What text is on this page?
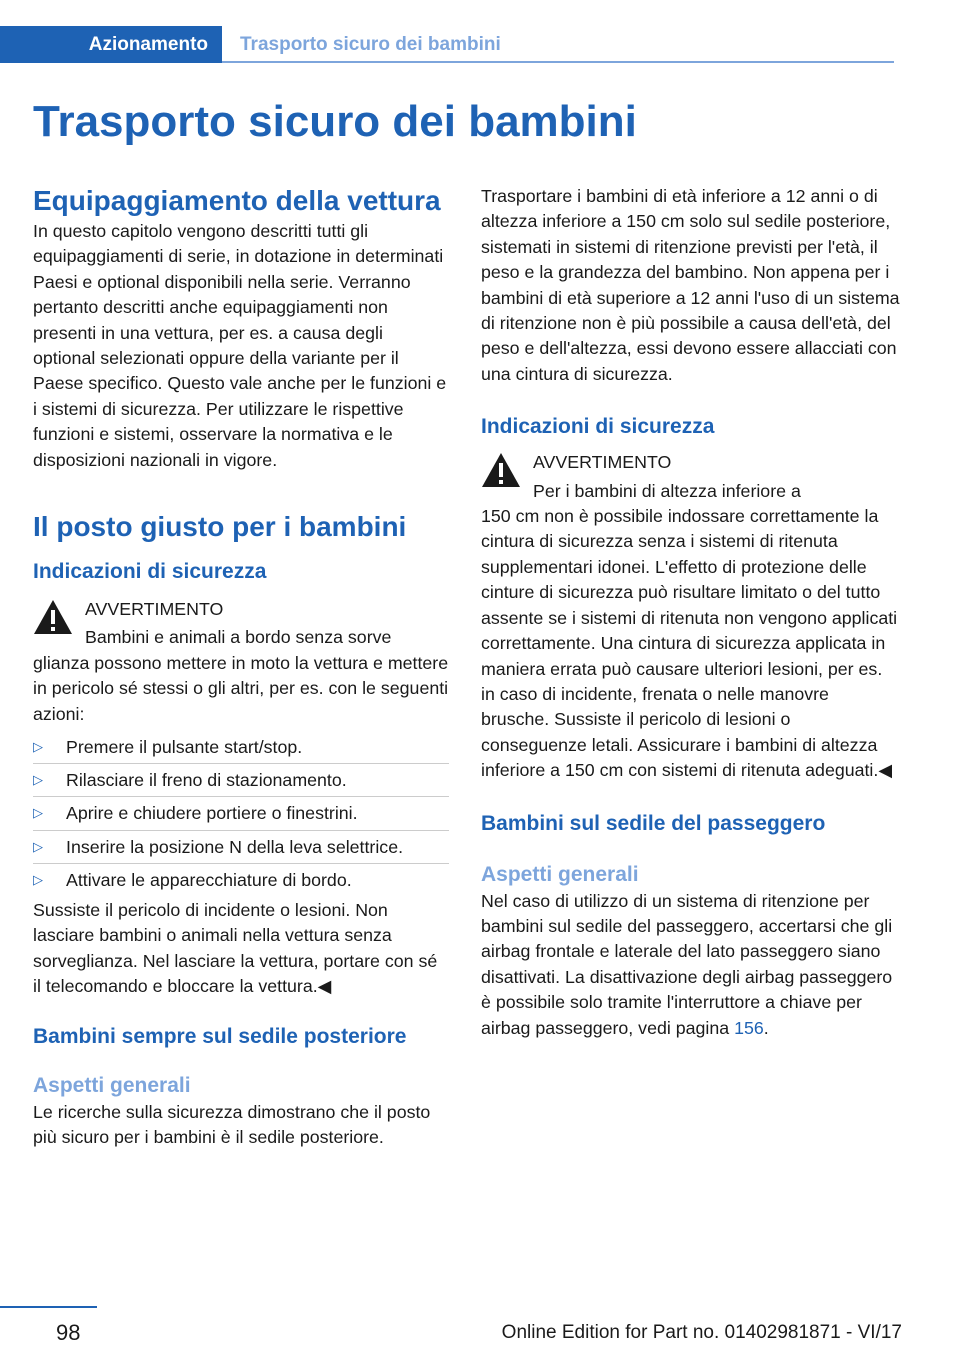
Azionamento	Trasporto sicuro dei bambini
Trasporto sicuro dei bambini
Equipaggiamento della vettura

In questo capitolo vengono descritti tutti gli equipaggiamenti di serie, in dotazione in determinati Paesi e optional disponibili nella serie. Verranno pertanto descritti anche equipaggiamenti non presenti in una vettura, per es. a causa degli optional selezionati oppure della variante per il Paese specifico. Questo vale anche per le funzioni e i sistemi di sicurezza. Per utilizzare le rispettive funzioni e sistemi, osservare la normativa e le disposizioni nazionali in vigore.

Il posto giusto per i bambini
Indicazioni di sicurezza
AVVERTIMENTO
Bambini e animali a bordo senza sorve

glianza possono mettere in moto la vettura e mettere in pericolo sé stessi o gli altri, per es. con le seguenti azioni:

▷ Premere il pulsante start/stop.
▷ Rilasciare il freno di stazionamento.
▷ Aprire e chiudere portiere o finestrini.
▷ Inserire la posizione N della leva selettrice.
▷ Attivare le apparecchiature di bordo.

Sussiste il pericolo di incidente o lesioni. Non lasciare bambini o animali nella vettura senza sorveglianza. Nel lasciare la vettura, portare con sé il telecomando e bloccare la vettura.◀

Bambini sempre sul sedile posteriore
Aspetti generali

Le ricerche sulla sicurezza dimostrano che il posto più sicuro per i bambini è il sedile posteriore.

Trasportare i bambini di età inferiore a 12 anni o di altezza inferiore a 150 cm solo sul sedile posteriore, sistemati in sistemi di ritenzione previsti per l'età, il peso e la grandezza del bambino. Non appena per i bambini di età superiore a 12 anni l'uso di un sistema di ritenzione non è più possibile a causa dell'età, del peso e dell'altezza, essi devono essere allacciati con una cintura di sicurezza.

Indicazioni di sicurezza
AVVERTIMENTO
Per i bambini di altezza inferiore a

150 cm non è possibile indossare correttamente la cintura di sicurezza senza i sistemi di ritenuta supplementari idonei. L'effetto di protezione delle cinture di sicurezza può risultare limitato o del tutto assente se i sistemi di ritenuta non vengono applicati correttamente. Una cintura di sicurezza applicata in maniera errata può causare ulteriori lesioni, per es. in caso di incidente, frenata o nelle manovre brusche. Sussiste il pericolo di lesioni o conseguenze letali. Assicurare i bambini di altezza inferiore a 150 cm con sistemi di ritenuta adeguati.◀

Bambini sul sedile del passeggero
Aspetti generali

Nel caso di utilizzo di un sistema di ritenzione per bambini sul sedile del passeggero, accertarsi che gli airbag frontale e laterale del lato passeggero siano disattivati. La disattivazione degli airbag passeggero è possibile solo tramite l'interruttore a chiave per airbag passeggero, vedi pagina 156.

98	Online Edition for Part no. 01402981871 - VI/17
